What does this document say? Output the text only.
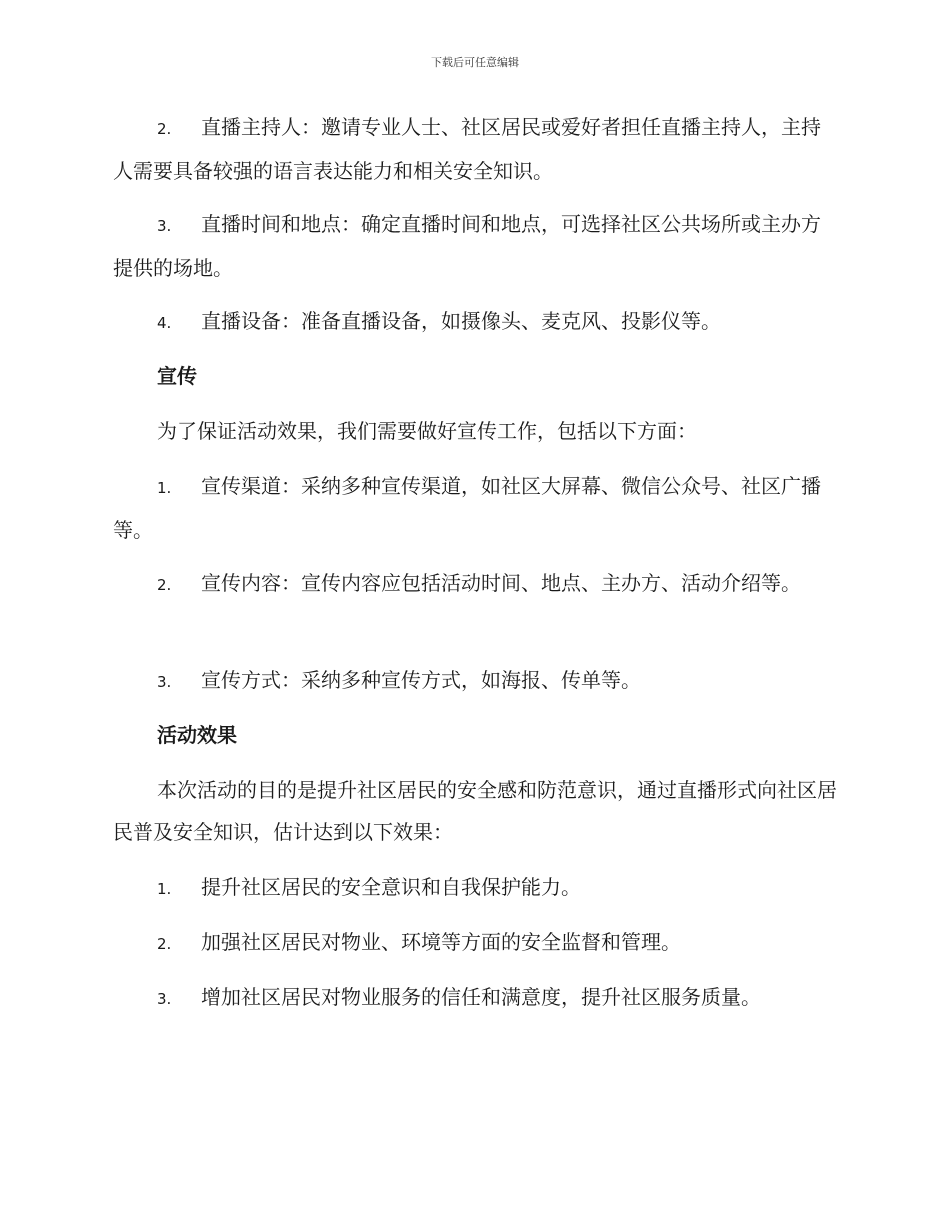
下载后可任意编辑
2. 直播主持人：邀请专业人士、社区居民或爱好者担任直播主持人，主持人需要具备较强的语言表达能力和相关安全知识。
3. 直播时间和地点：确定直播时间和地点，可选择社区公共场所或主办方提供的场地。
4. 直播设备：准备直播设备，如摄像头、麦克风、投影仪等。
宣传
为了保证活动效果，我们需要做好宣传工作，包括以下方面：
1. 宣传渠道：采纳多种宣传渠道，如社区大屏幕、微信公众号、社区广播等。
2. 宣传内容：宣传内容应包括活动时间、地点、主办方、活动介绍等。
3. 宣传方式：采纳多种宣传方式，如海报、传单等。
活动效果
本次活动的目的是提升社区居民的安全感和防范意识，通过直播形式向社区居民普及安全知识，估计达到以下效果：
1. 提升社区居民的安全意识和自我保护能力。
2. 加强社区居民对物业、环境等方面的安全监督和管理。
3. 增加社区居民对物业服务的信任和满意度，提升社区服务质量。
